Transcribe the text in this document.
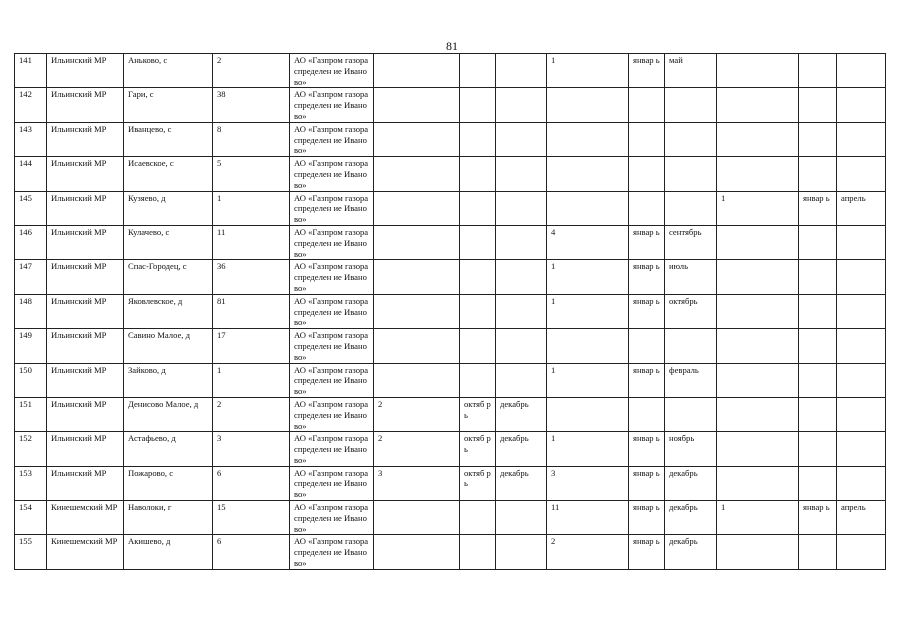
81
141	Ильинский МР	Аньково, с	2	АО «Газпром газораспределен ие Иваново»				1	январ ь	май			
142	Ильинский МР	Гари, с	38	АО «Газпром газораспределен ие Иваново»									
143	Ильинский МР	Иванцево, с	8	АО «Газпром газораспределен ие Иваново»									
144	Ильинский МР	Исаевское, с	5	АО «Газпром газораспределен ие Иваново»									
145	Ильинский МР	Кузяево, д	1	АО «Газпром газораспределен ие Иваново»							1	январ ь	апрель
146	Ильинский МР	Кулачево, с	11	АО «Газпром газораспределен ие Иваново»				4	январ ь	сентябрь			
147	Ильинский МР	Спас-Городец, с	36	АО «Газпром газораспределен ие Иваново»				1	январ ь	июль			
148	Ильинский МР	Яковлевское, д	81	АО «Газпром газораспределен ие Иваново»				1	январ ь	октябрь			
149	Ильинский МР	Савино Малое, д	17	АО «Газпром газораспределен ие Иваново»									
150	Ильинский МР	Зайково, д	1	АО «Газпром газораспределен ие Иваново»				1	январ ь	февраль			
151	Ильинский МР	Денисово Малое, д	2	АО «Газпром газораспределен ие Иваново»	2	октяб рь	декабрь						
152	Ильинский МР	Астафьево, д	3	АО «Газпром газораспределен ие Иваново»	2	октяб рь	декабрь	1	январ ь	ноябрь			
153	Ильинский МР	Пожарово, с	6	АО «Газпром газораспределен ие Иваново»	3	октяб рь	декабрь	3	январ ь	декабрь			
154	Кинешемский МР	Наволоки, г	15	АО «Газпром газораспределен ие Иваново»				11	январ ь	декабрь	1	январ ь	апрель
155	Кинешемский МР	Акишево, д	6	АО «Газпром газораспределен ие Иваново»				2	январ ь	декабрь			
